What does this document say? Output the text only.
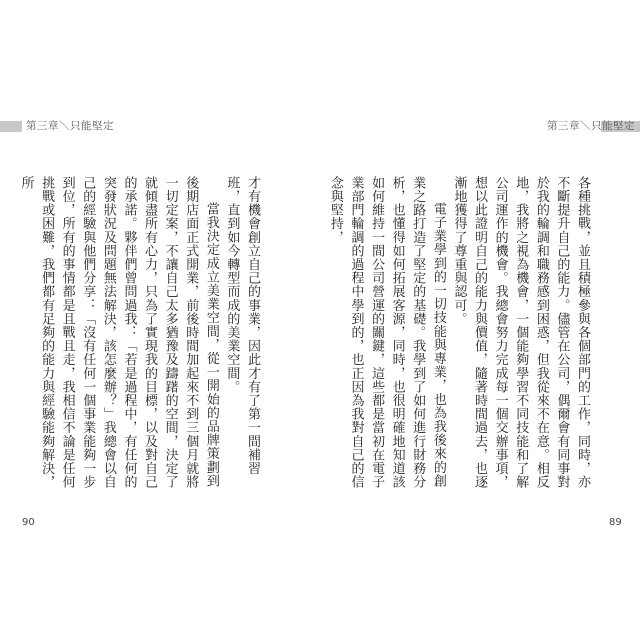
第三章＼只能堅定	第三章＼只能堅定

各種挑戰，並且積極參與各個部門的工作，同時，亦不斷提升自己的能力。儘管在公司，偶爾會有同事對於我的輪調和職務感到困惑，但我從來不在意。相反地，我將之視為機會，一個能夠學習不同技能和了解公司運作的機會。我總會努力完成每一個交辦事項，想以此證明自己的能力與價值，隨著時間過去，也逐漸地獲得了尊重與認可。

電子業學到的一切技能與專業，也為我後來的創業之路打造了堅定的基礎。我學到了如何進行財務分析，也懂得如何拓展客源，同時，也很明確地知道該如何維持一間公司營運的關鍵，這些都是當初在電子業部門輪調的過程中學到的，也正因為我對自己的信念與堅持，

才有機會創立自己的事業，因此才有了第一間補習班，直到如今轉型而成的美業空間。

當我決定成立美業空間，從一開始的品牌策劃到後期店面正式開業，前後時間加起來不到三個月就將一切定案，不讓自己太多猶豫及躊躇的空間，決定了就傾盡所有心力，只為了實現我的目標，以及對自己的承諾。夥伴們曾問過我：「若是過程中，有任何的突發狀況及問題無法解決，該怎麼辦？」我總會以自己的經驗與他們分享：「沒有任何一個事業能夠一步到位，所有的事情都是且戰且走，我相信不論是任何挑戰或困難，我們都有足夠的能力與經驗能夠解決，所

90	89
